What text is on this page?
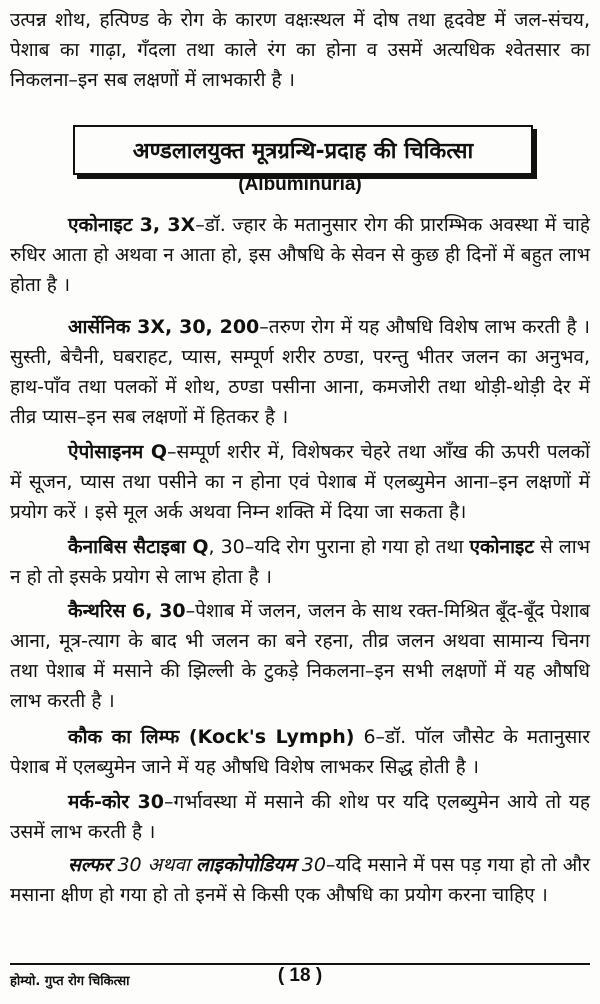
उत्पन्न शोथ, हत्पिण्ड के रोग के कारण वक्षःस्थल में दोष तथा हृदवेष्ट में जल-संचय, पेशाब का गाढ़ा, गँदला तथा काले रंग का होना व उसमें अत्यधिक श्वेतसार का निकलना–इन सब लक्षणों में लाभकारी है ।

अण्डलालयुक्त मूत्रग्रन्थि-प्रदाह की चिकित्सा
(Albuminuria)

एकोनाइट 3, 3X–डॉ. ज्हार के मतानुसार रोग की प्रारम्भिक अवस्था में चाहे रुधिर आता हो अथवा न आता हो, इस औषधि के सेवन से कुछ ही दिनों में बहुत लाभ होता है ।

आर्सेनिक 3X, 30, 200–तरुण रोग में यह औषधि विशेष लाभ करती है । सुस्ती, बेचैनी, घबराहट, प्यास, सम्पूर्ण शरीर ठण्डा, परन्तु भीतर जलन का अनुभव, हाथ-पाँव तथा पलकों में शोथ, ठण्डा पसीना आना, कमजोरी तथा थोड़ी-थोड़ी देर में तीव्र प्यास–इन सब लक्षणों में हितकर है ।

ऐपोसाइनम Q–सम्पूर्ण शरीर में, विशेषकर चेहरे तथा आँख की ऊपरी पलकों में सूजन, प्यास तथा पसीने का न होना एवं पेशाब में एलब्युमेन आना–इन लक्षणों में प्रयोग करें । इसे मूल अर्क अथवा निम्न शक्ति में दिया जा सकता है।

कैनाबिस सैटाइबा Q, 30–यदि रोग पुराना हो गया हो तथा एकोनाइट से लाभ न हो तो इसके प्रयोग से लाभ होता है ।

कैन्थरिस 6, 30–पेशाब में जलन, जलन के साथ रक्त-मिश्रित बूँद-बूँद पेशाब आना, मूत्र-त्याग के बाद भी जलन का बने रहना, तीव्र जलन अथवा सामान्य चिनग तथा पेशाब में मसाने की झिल्ली के टुकड़े निकलना–इन सभी लक्षणों में यह औषधि लाभ करती है ।

कौक का लिम्फ (Kock's Lymph) 6–डॉ. पॉल जौसेट के मतानुसार पेशाब में एलब्युमेन जाने में यह औषधि विशेष लाभकर सिद्ध होती है ।

मर्क-कोर 30–गर्भावस्था में मसाने की शोथ पर यदि एलब्युमेन आये तो यह उसमें लाभ करती है ।

सल्फर 30 अथवा लाइकोपोडियम 30–यदि मसाने में पस पड़ गया हो तो और मसाना क्षीण हो गया हो तो इनमें से किसी एक औषधि का प्रयोग करना चाहिए ।

होम्यो. गुप्त रोग चिकित्सा	( 18 )
